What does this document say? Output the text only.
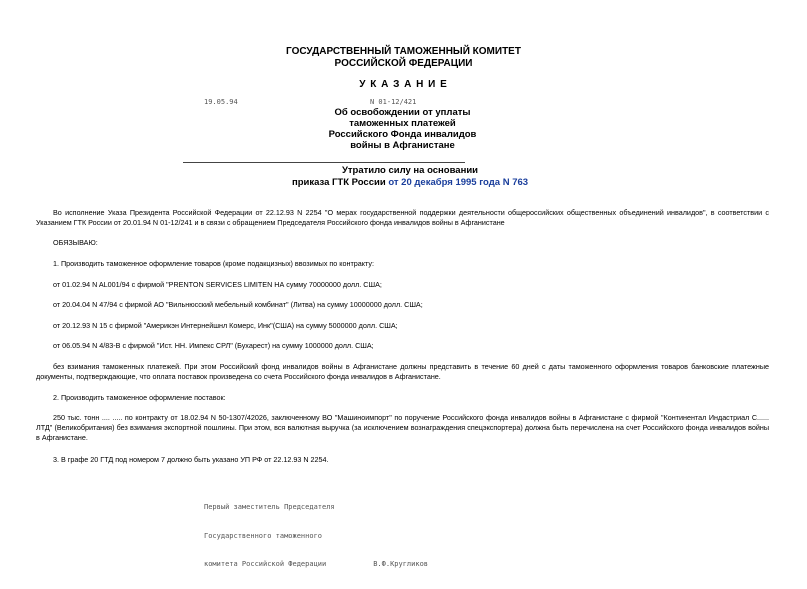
ГОСУДАРСТВЕННЫЙ ТАМОЖЕННЫЙ КОМИТЕТ
РОССИЙСКОЙ ФЕДЕРАЦИИ
У К А З А Н И Е
19.05.94	N 01-12/421
Об освобождении от уплаты
таможенных платежей
Российского Фонда инвалидов
войны в Афганистане
Утратило силу на основании
приказа ГТК России от 20 декабря 1995 года N 763
Во исполнение Указа Президента Российской Федерации от 22.12.93 N 2254 "О мерах государственной поддержки деятельности общероссийских общественных объединений инвалидов", в соответствии с Указанием ГТК России от 20.01.94 N 01-12/241 и в связи с обращением Председателя Российского фонда инвалидов войны в Афганистане
ОБЯЗЫВАЮ:
1. Производить таможенное оформление товаров (кроме подакцизных) ввозимых по контракту:
от 01.02.94 N AL001/94 с фирмой "PRENTON SERVICES LIMITEN НА сумму 70000000 долл. США;
от 20.04.04 N 47/94 с фирмой АО "Вильнюсский мебельный комбинат" (Литва) на сумму 10000000 долл. США;
от 20.12.93 N 15 с фирмой "Америкэн Интернейшнл Комерс, Инк"(США) на сумму 5000000 долл. США;
от 06.05.94 N 4/83-В с фирмой "Ист. НН. Импекс СРЛ" (Бухарест) на сумму 1000000 долл. США;
без взимания таможенных платежей. При этом Российский фонд инвалидов войны в Афганистане должны представить в течение 60 дней с даты таможенного оформления товаров банковские платежные документы, подтверждающие, что оплата поставок произведена со счета Российского фонда инвалидов в Афганистане.
2. Производить таможенное оформление поставок:
250 тыс. тонн .... ..... по контракту от 18.02.94 N 50-1307/42026, заключенному ВО "Машиноимпорт" по поручение Российского фонда инвалидов войны в Афганистане с фирмой "Континентал Индастриал С...... ЛТД" (Великобритания) без взимания экспортной пошлины. При этом, вся валютная выручка (за исключением вознаграждения спецэкспортера) должна быть перечислена на счет Российского фонда инвалидов войны в Афганистане.
3. В графе 20 ГТД под номером 7 должно быть указано УП РФ от 22.12.93 N 2254.

Первый заместитель Председателя

Государственного таможенного

комитета Российской Федерации	В.Ф.Кругликов
